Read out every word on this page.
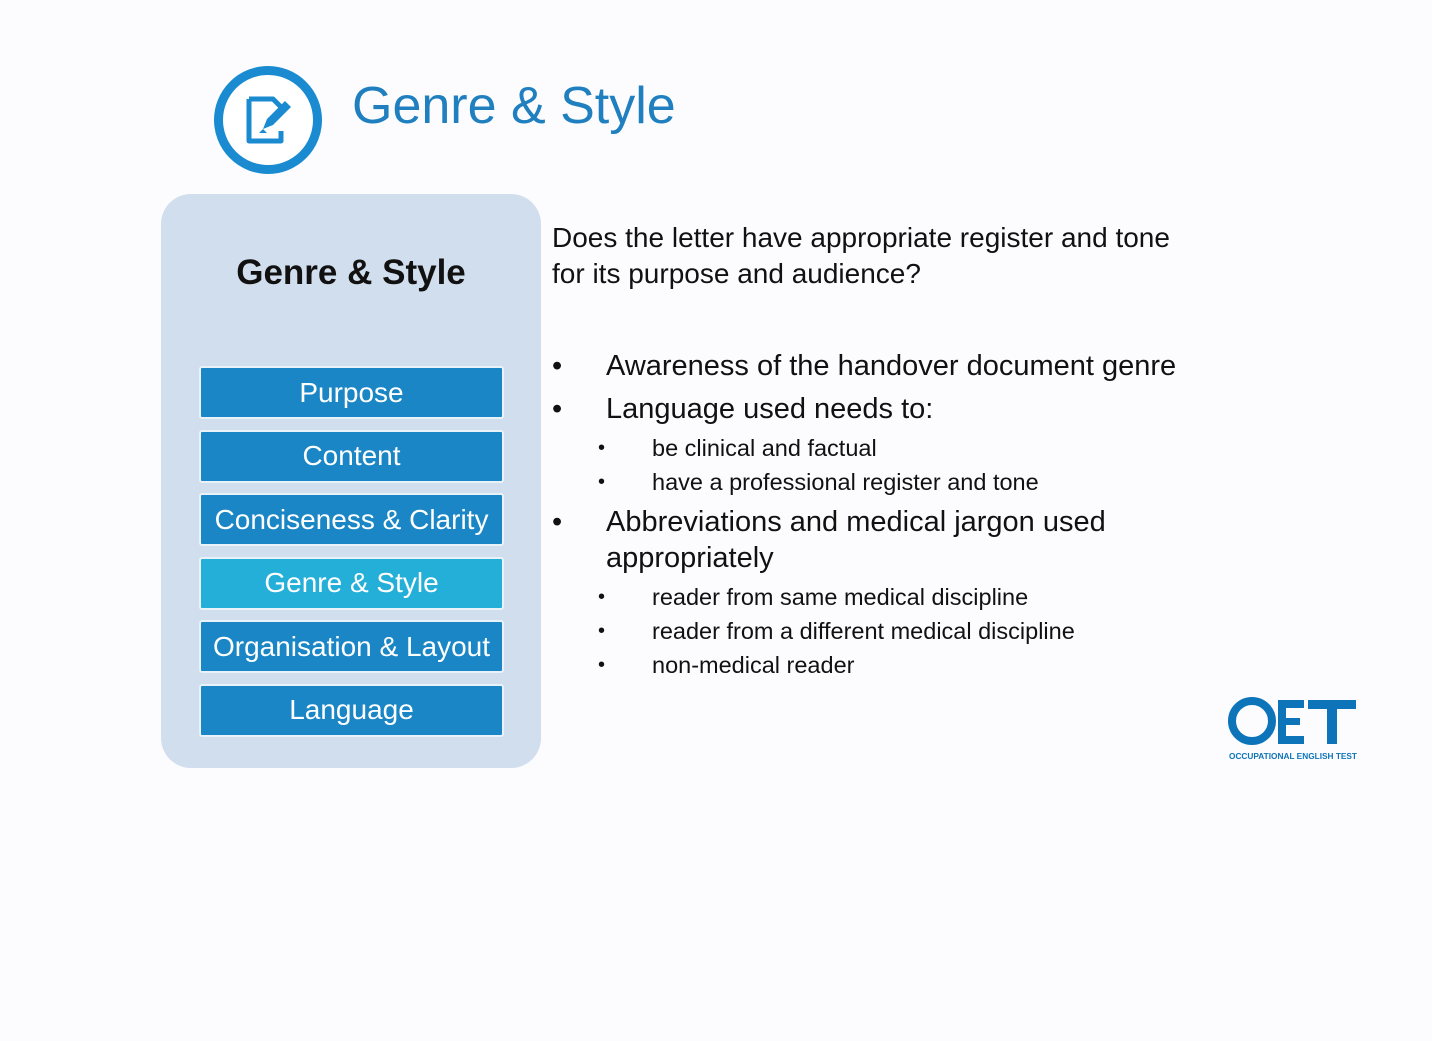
Genre & Style
Genre & Style
Purpose
Content
Conciseness & Clarity
Genre & Style
Organisation & Layout
Language

Does the letter have appropriate register and tone for its purpose and audience?

• Awareness of the handover document genre
• Language used needs to:
• be clinical and factual
• have a professional register and tone
• Abbreviations and medical jargon used appropriately
• reader from same medical discipline
• reader from a different medical discipline
• non-medical reader
OCCUPATIONAL ENGLISH TEST
